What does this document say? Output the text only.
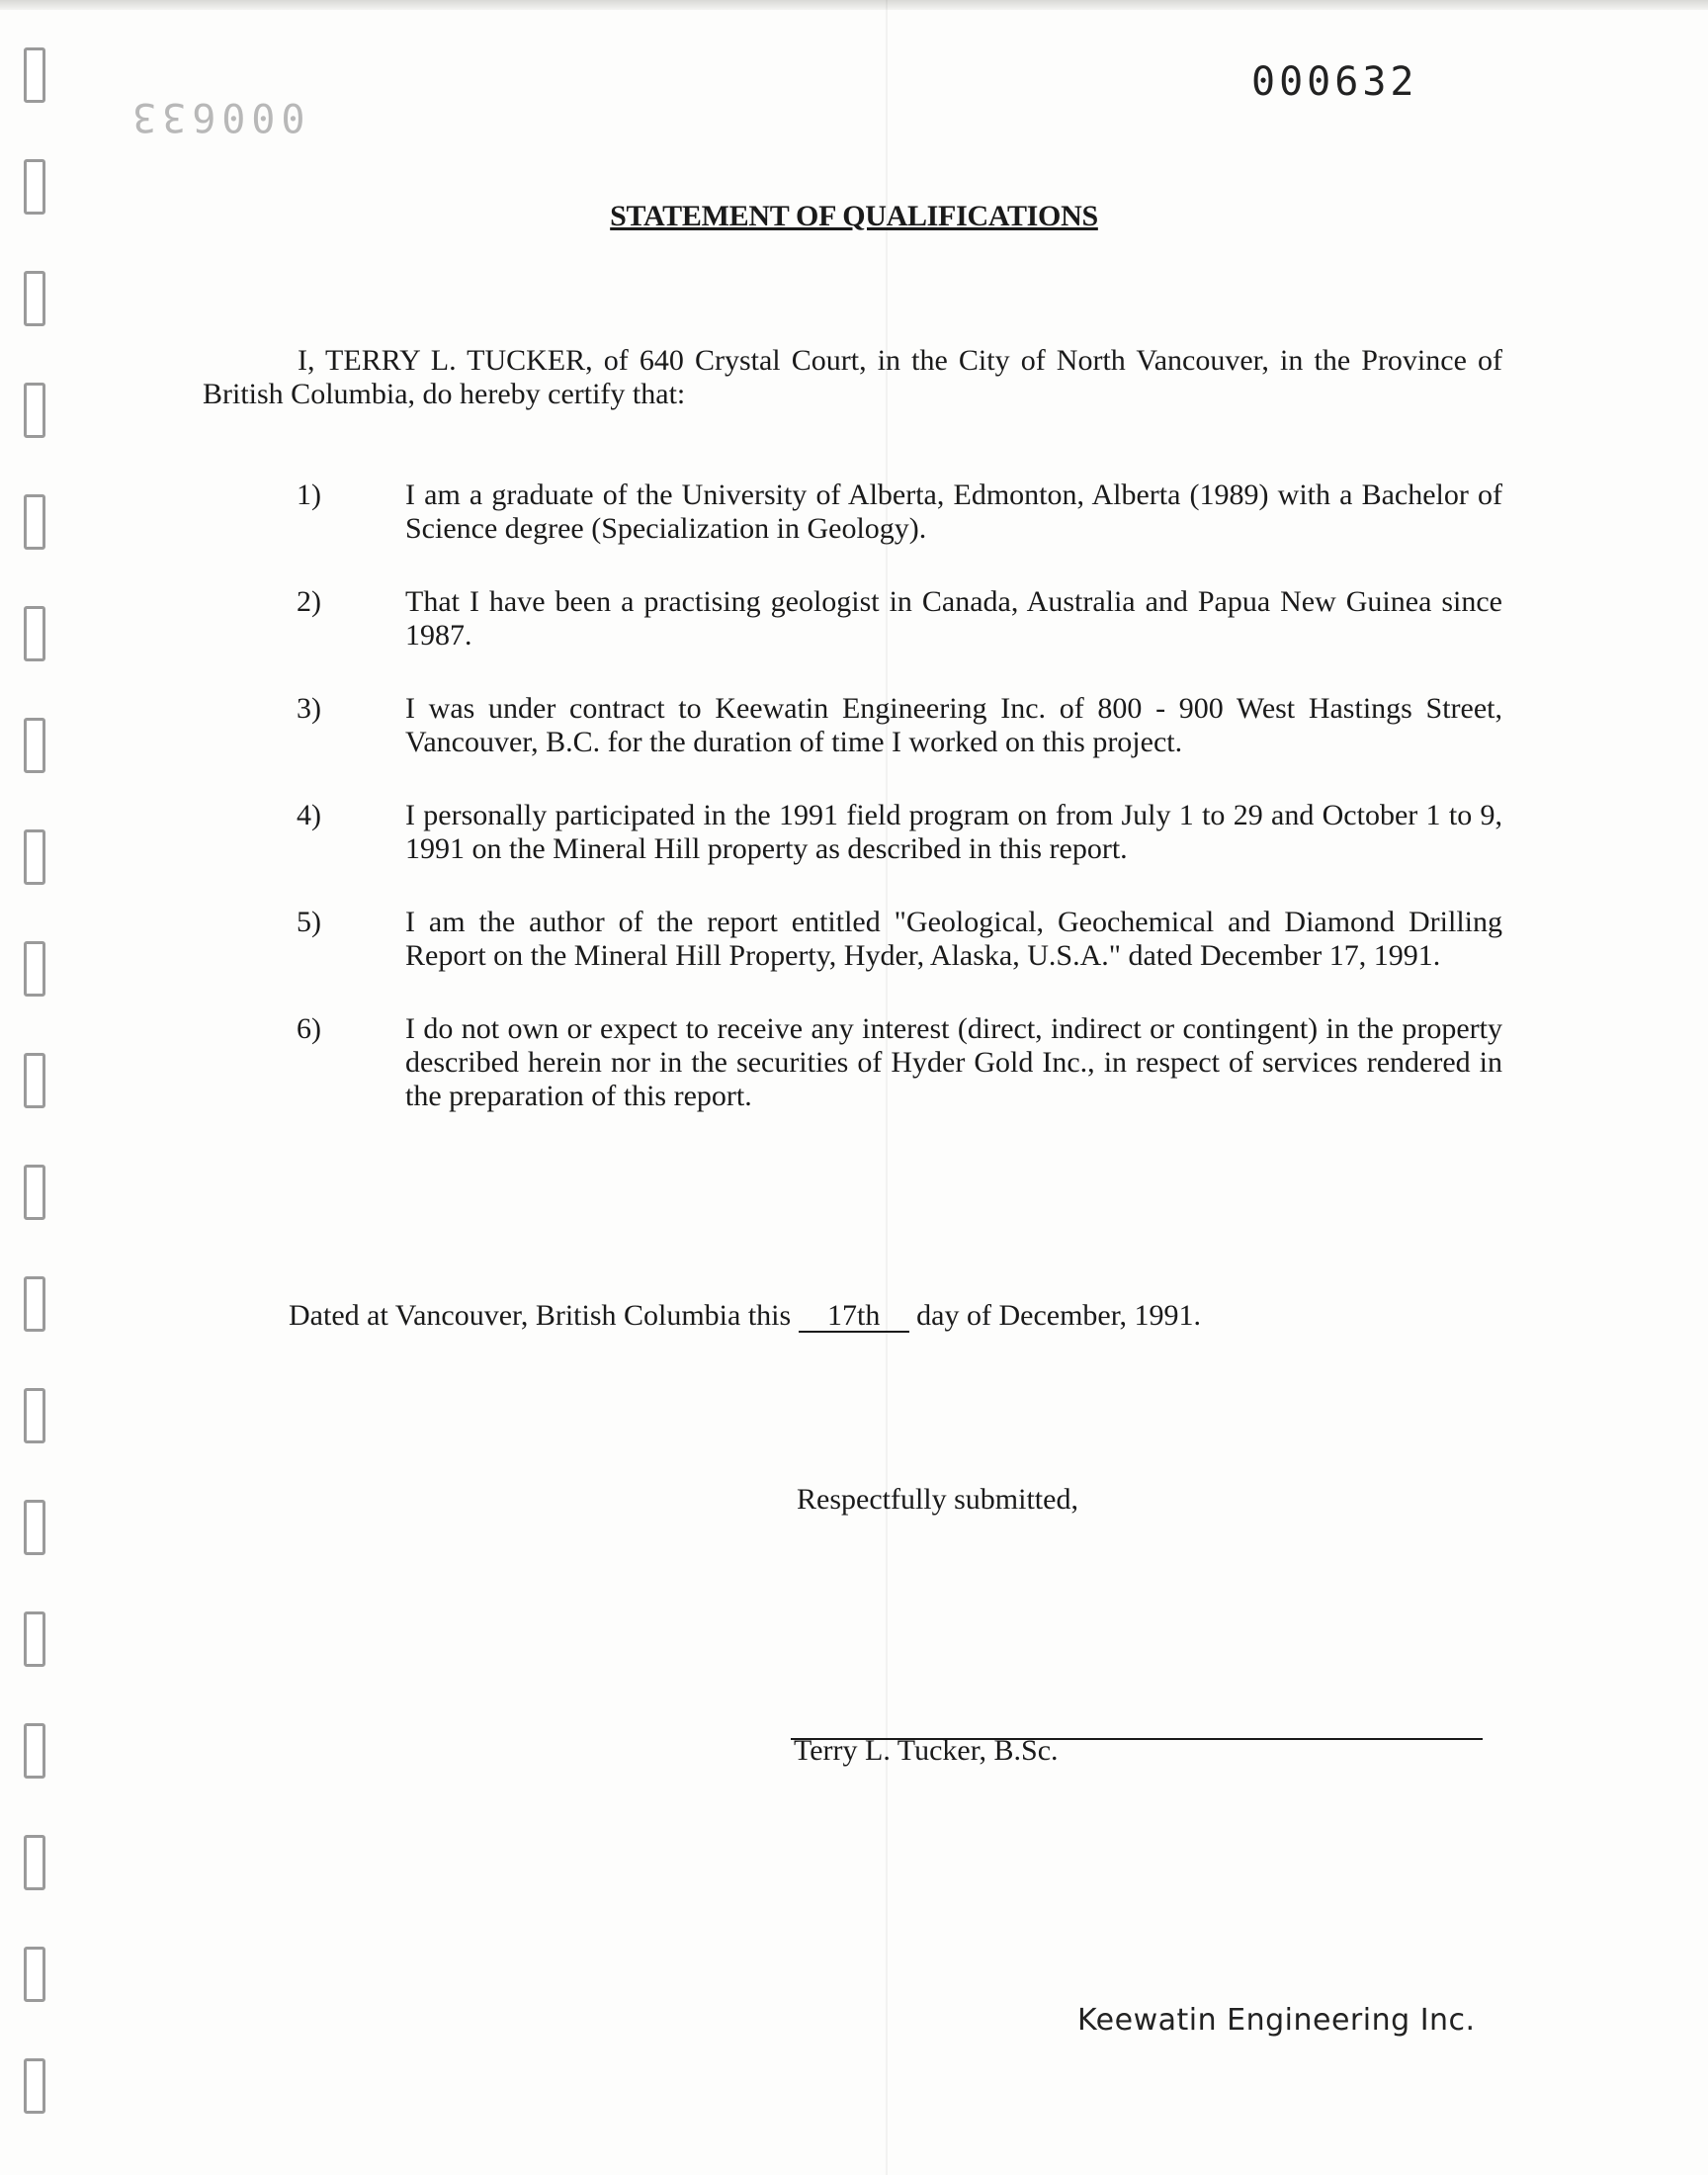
000632
000633
STATEMENT OF QUALIFICATIONS
I, TERRY L. TUCKER, of 640 Crystal Court, in the City of North Vancouver, in the Province of British Columbia, do hereby certify that:
1)	I am a graduate of the University of Alberta, Edmonton, Alberta (1989) with a Bachelor of Science degree (Specialization in Geology).
2)	That I have been a practising geologist in Canada, Australia and Papua New Guinea since 1987.
3)	I was under contract to Keewatin Engineering Inc. of 800 - 900 West Hastings Street, Vancouver, B.C. for the duration of time I worked on this project.
4)	I personally participated in the 1991 field program on from July 1 to 29 and October 1 to 9, 1991 on the Mineral Hill property as described in this report.
5)	I am the author of the report entitled "Geological, Geochemical and Diamond Drilling Report on the Mineral Hill Property, Hyder, Alaska, U.S.A." dated December 17, 1991.
6)	I do not own or expect to receive any interest (direct, indirect or contingent) in the property described herein nor in the securities of Hyder Gold Inc., in respect of services rendered in the preparation of this report.
Dated at Vancouver, British Columbia this 17th day of December, 1991.
Respectfully submitted,
Terry L. Tucker, B.Sc.
Keewatin Engineering Inc.
